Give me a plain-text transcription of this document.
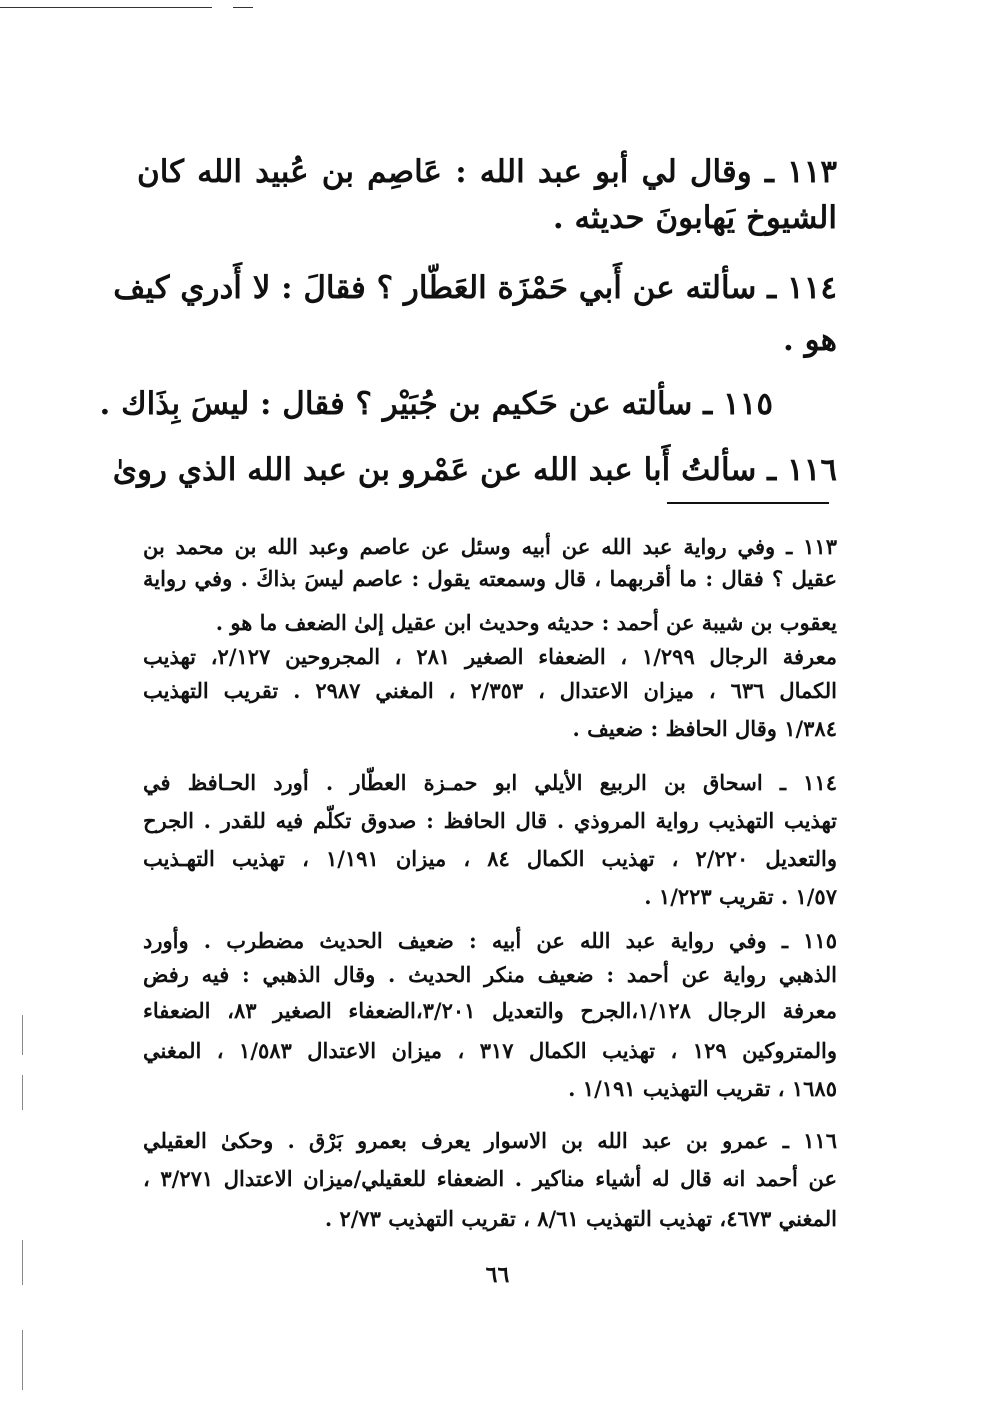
١١٣ ـ وقال لي أبو عبد الله : عَاصِم بن عُبيد الله كان
الشيوخ يَهابونَ حديثه .
١١٤ ـ سألته عن أَبي حَمْزَة العَطّار ؟ فقالَ : لا أَدري كيف
هو .
١١٥ ـ سألته عن حَكيم بن جُبَيْر ؟ فقال : ليسَ بِذَاك .
١١٦ ـ سألتُ أَبا عبد الله عن عَمْرو بن عبد الله الذي روىٰ
١١٣ ـ وفي رواية عبد الله عن أبيه وسئل عن عاصم وعبد الله بن محمد بن
عقيل ؟ فقال : ما أقربهما ، قال وسمعته يقول : عاصم ليسَ بذاكَ . وفي رواية
يعقوب بن شيبة عن أحمد : حديثه وحديث ابن عقيل إلىٰ الضعف ما هو .
معرفة الرجال ١/٢٩٩ ، الضعفاء الصغير ٢٨١ ، المجروحين ٢/١٢٧، تهذيب
الكمال ٦٣٦ ، ميزان الاعتدال ، ٢/٣٥٣ ، المغني ٢٩٨٧ . تقريب التهذيب
١/٣٨٤ وقال الحافظ : ضعيف .
١١٤ ـ اسحاق بن الربيع الأيلي ابو حمـزة العطّار . أورد الحـافظ في
تهذيب التهذيب رواية المروذي . قال الحافظ : صدوق تكلّم فيه للقدر . الجرح
والتعديل ٢/٢٢٠ ، تهذيب الكمال ٨٤ ، ميزان ١/١٩١ ، تهذيب التهـذيب
١/٥٧ . تقريب ١/٢٢٣ .
١١٥ ـ وفي رواية عبد الله عن أبيه : ضعيف الحديث مضطرب . وأورد
الذهبي رواية عن أحمد : ضعيف منكر الحديث . وقال الذهبي : فيه رفض
معرفة الرجال ١/١٢٨،الجرح والتعديل ٣/٢٠١،الضعفاء الصغير ٨٣، الضعفاء
والمتروكين ١٢٩ ، تهذيب الكمال ٣١٧ ، ميزان الاعتدال ١/٥٨٣ ، المغني
١٦٨٥ ، تقريب التهذيب ١/١٩١ .
١١٦ ـ عمرو بن عبد الله بن الاسوار يعرف بعمرو بَرْق . وحكىٰ العقيلي
عن أحمد انه قال له أشياء مناكير . الضعفاء للعقيلي/ميزان الاعتدال ٣/٢٧١ ،
المغني ٤٦٧٣، تهذيب التهذيب ٨/٦١ ، تقريب التهذيب ٢/٧٣ .
٦٦
